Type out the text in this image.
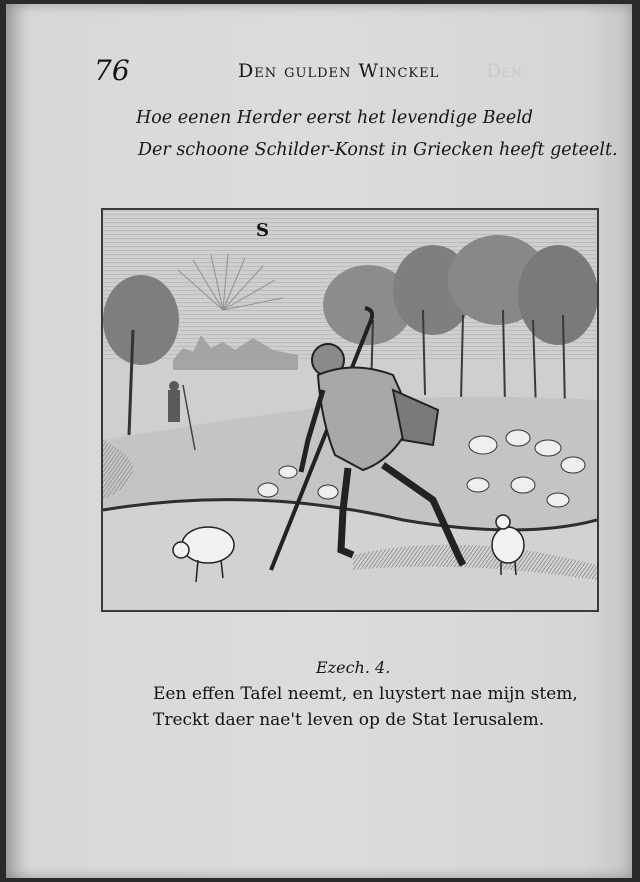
76	Den gulden Winckel Den
Hoe eenen Herder eerst het levendige Beeld
Der schoone Schilder-Konst in Griecken heeft geteelt.
S
Ezech. 4.
Een effen Tafel neemt, en luystert nae mijn stem,
Treckt daer nae't leven op de Stat Ierusalem.
